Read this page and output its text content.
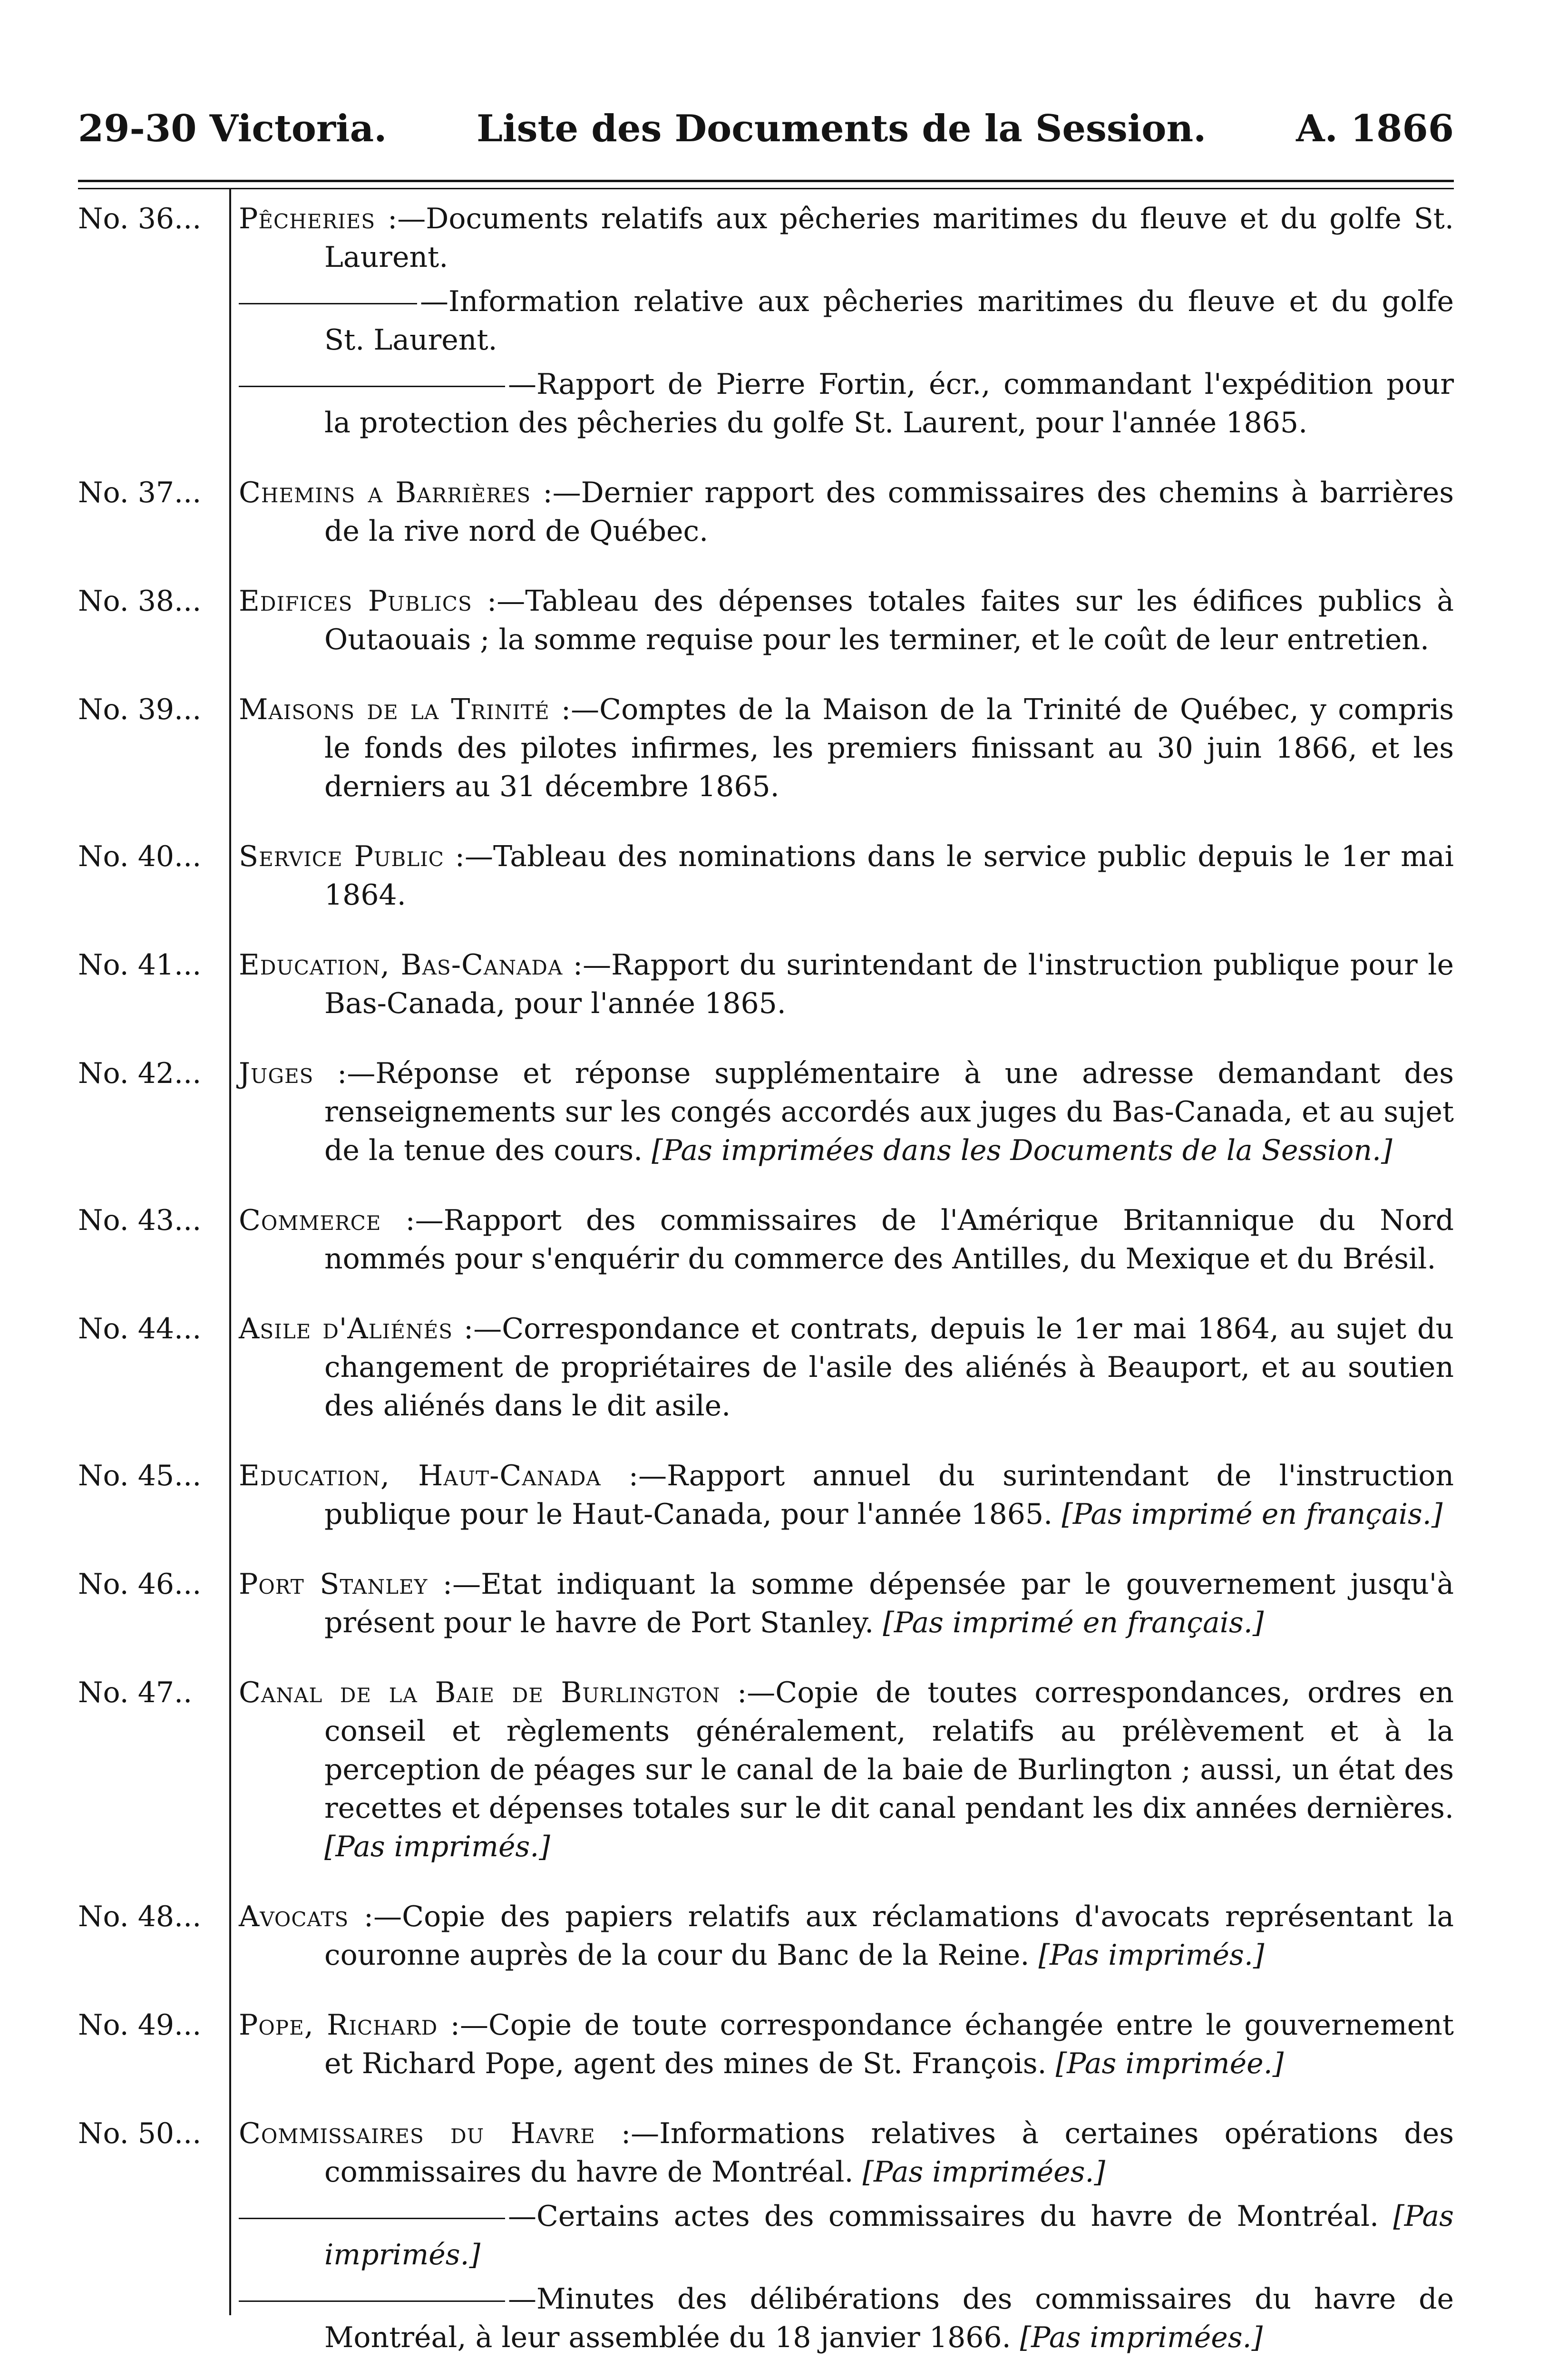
29-30 Victoria. Liste des Documents de la Session. A. 1866
No. 36...	Pêcheries :—Documents relatifs aux pêcheries maritimes du fleuve et du golfe St. Laurent.

—Information relative aux pêcheries maritimes du fleuve et du golfe St. Laurent.

—Rapport de Pierre Fortin, écr., commandant l'expédition pour la protection des pêcheries du golfe St. Laurent, pour l'année 1865.

No. 37...	Chemins a Barrières :—Dernier rapport des commissaires des chemins à barrières de la rive nord de Québec.

No. 38...	Edifices Publics :—Tableau des dépenses totales faites sur les édifices publics à Outaouais ; la somme requise pour les terminer, et le coût de leur entretien.

No. 39...	Maisons de la Trinité :—Comptes de la Maison de la Trinité de Québec, y compris le fonds des pilotes infirmes, les premiers finissant au 30 juin 1866, et les derniers au 31 décembre 1865.

No. 40...	Service Public :—Tableau des nominations dans le service public depuis le 1er mai 1864.

No. 41...	Education, Bas-Canada :—Rapport du surintendant de l'instruction publique pour le Bas-Canada, pour l'année 1865.

No. 42...	Juges :—Réponse et réponse supplémentaire à une adresse demandant des renseignements sur les congés accordés aux juges du Bas-Canada, et au sujet de la tenue des cours. [Pas imprimées dans les Documents de la Session.]

No. 43...	Commerce :—Rapport des commissaires de l'Amérique Britannique du Nord nommés pour s'enquérir du commerce des Antilles, du Mexique et du Brésil.

No. 44...	Asile d'Aliénés :—Correspondance et contrats, depuis le 1er mai 1864, au sujet du changement de propriétaires de l'asile des aliénés à Beauport, et au soutien des aliénés dans le dit asile.

No. 45...	Education, Haut-Canada :—Rapport annuel du surintendant de l'instruction publique pour le Haut-Canada, pour l'année 1865. [Pas imprimé en français.]

No. 46...	Port Stanley :—Etat indiquant la somme dépensée par le gouvernement jusqu'à présent pour le havre de Port Stanley. [Pas imprimé en français.]

No. 47..	Canal de la Baie de Burlington :—Copie de toutes correspondances, ordres en conseil et règlements généralement, relatifs au prélèvement et à la perception de péages sur le canal de la baie de Burlington ; aussi, un état des recettes et dépenses totales sur le dit canal pendant les dix années dernières. [Pas imprimés.]

No. 48...	Avocats :—Copie des papiers relatifs aux réclamations d'avocats représentant la couronne auprès de la cour du Banc de la Reine. [Pas imprimés.]

No. 49...	Pope, Richard :—Copie de toute correspondance échangée entre le gouvernement et Richard Pope, agent des mines de St. François. [Pas imprimée.]

No. 50...	Commissaires du Havre :—Informations relatives à certaines opérations des commissaires du havre de Montréal. [Pas imprimées.]

—Certains actes des commissaires du havre de Montréal. [Pas imprimés.]

—Minutes des délibérations des commissaires du havre de Montréal, à leur assemblée du 18 janvier 1866. [Pas imprimées.]
